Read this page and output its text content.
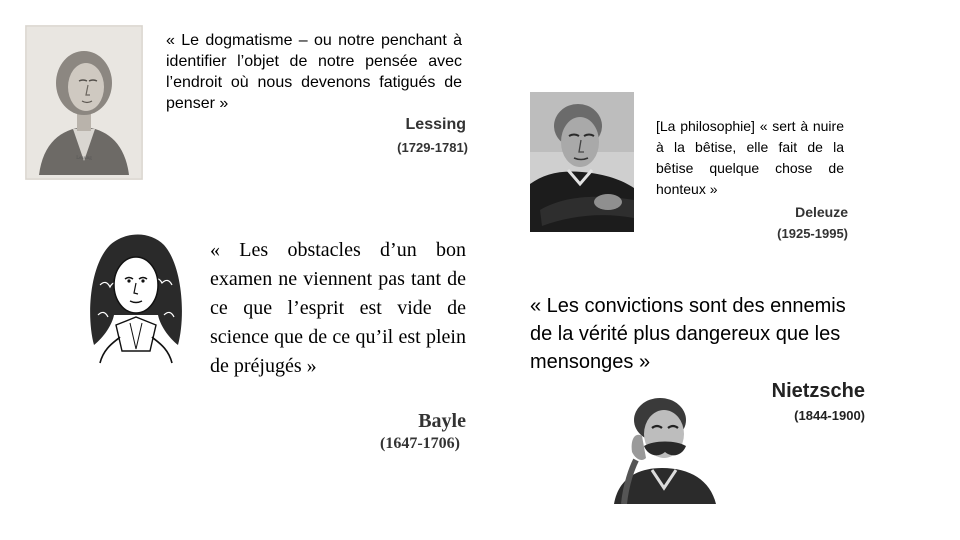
Lessing
« Le dogmatisme – ou notre penchant à identifier l’objet de notre pensée avec l’endroit où nous devenons fatigués de penser »
Lessing
(1729-1781)
« Les obstacles d’un bon examen ne viennent pas tant de ce que l’esprit est vide de science que de ce qu’il est plein de préjugés »
Bayle
(1647-1706)
[La philosophie] « sert à nuire à la bêtise, elle fait de la bêtise quelque chose de honteux »
Deleuze
(1925-1995)
« Les convictions sont des ennemis de la vérité plus dangereux que les mensonges »
Nietzsche
(1844-1900)
